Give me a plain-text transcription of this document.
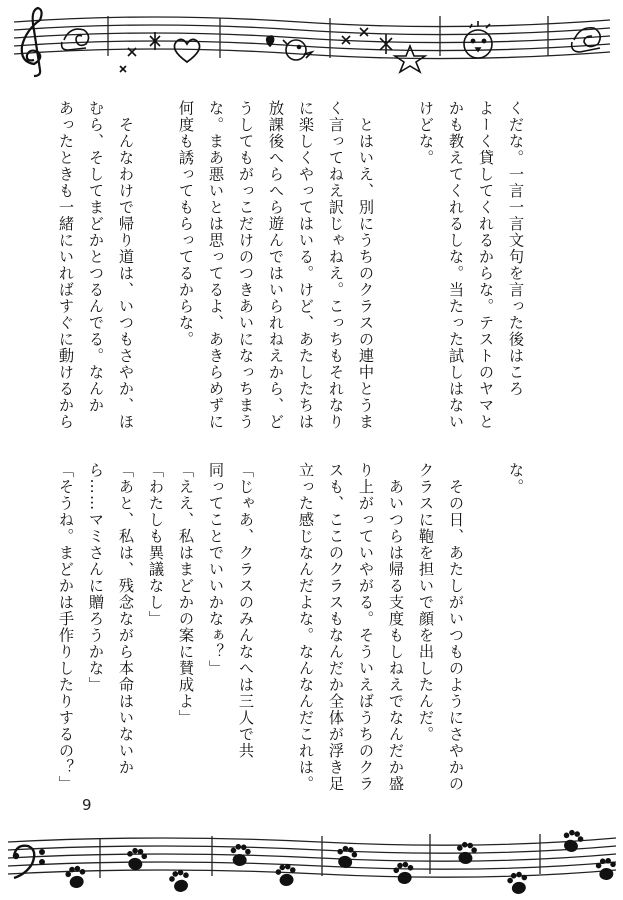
くだな。一言一言文句を言った後はころ
よーく貸してくれるからな。テストのヤマと
かも教えてくれるしな。当たった試しはない
けどな。

　とはいえ、別にうちのクラスの連中とうま
く言ってねえ訳じゃねえ。こっちもそれなり
に楽しくやってはいる。けど、あたしたちは
放課後へらへら遊んではいられねえから、ど
うしてもがっこだけのつきあいになっちまう
な。まあ悪いとは思ってるよ、あきらめずに
何度も誘ってもらってるからな。

　そんなわけで帰り道は、いつもさやか、ほ
むら、そしてまどかとつるんでる。なんか
あったときも一緒にいればすぐに動けるから
な。

　その日、あたしがいつものようにさやかの
クラスに鞄を担いで顔を出したんだ。
　あいつらは帰る支度もしねえでなんだか盛
り上がっていやがる。そういえばうちのクラ
スも、ここのクラスもなんだか全体が浮き足
立った感じなんだよな。なんなんだこれは。

「じゃあ、クラスのみんなへは三人で共
同ってことでいいかなぁ？」
「ええ、私はまどかの案に賛成よ」
「わたしも異議なし」
「あと、私は、残念ながら本命はいないか
ら……マミさんに贈ろうかな」
「そうね。まどかは手作りしたりするの？」
9
